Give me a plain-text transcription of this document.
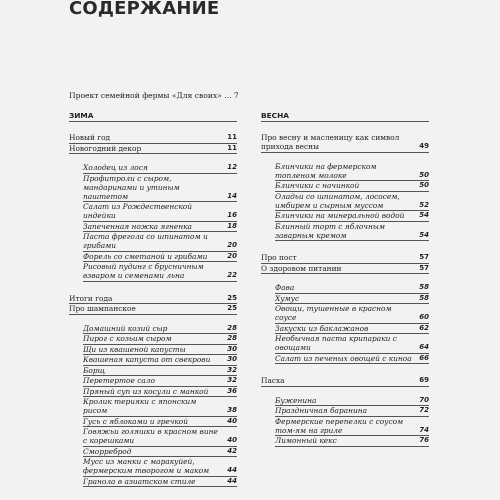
СОДЕРЖАНИЕ
Проект семейной фермы «Для своих» ... 7
ЗИМА
Новый год	11
Новогодний декор	11
Холодец из лося	12
Профитроли с сыром, мандаринами и утиным паштетом	14
Салат из Рождественской индейки	16
Запеченная ножка ягненка	18
Паста фрегола со шпинатом и грибами	20
Форель со сметаной и грибами	20
Рисовый пудинг с брусничным взваром и семенами льна	22
Итоги года	25
Про шампанское	25
Домашний козий сыр	28
Пирог с козьим сыром	28
Щи из квашеной капусты	30
Квашеная капуста от свекрови	30
Борщ	32
Перетертое сало	32
Пряный суп из косули с манкой	36
Кролик терияки с японским рисом	38
Гусь с яблоками и гречкой	40
Говяжьи голяшки в красном вине с корешками	40
Сморреброд	42
Мусс из манки с маракуйей, фермерским творогом и маком	44
Гранола в азиатском стиле	44
ВЕСНА
Про весну и масленицу как символ прихода весны	49
Блинчики на фермерском топленом молоке	50
Блинчики с начинкой	50
Оладьи со шпинатом, лососем, имбирем и сырным муссом	52
Блинчики на минеральной водой	54
Блинный торт с яблочным заварным кремом	54
Про пост	57
О здоровом питании	57
Фава	58
Хумус	58
Овощи, тушенные в красном соусе	60
Закуски из баклажанов	62
Необычная паста крипараки с овощами	64
Салат из печеных овощей с киноа	66
Пасха	69
Буженина	70
Праздничная баранина	72
Фермерские перепелки с соусом том-ям на гриле	74
Лимонный кекс	76
